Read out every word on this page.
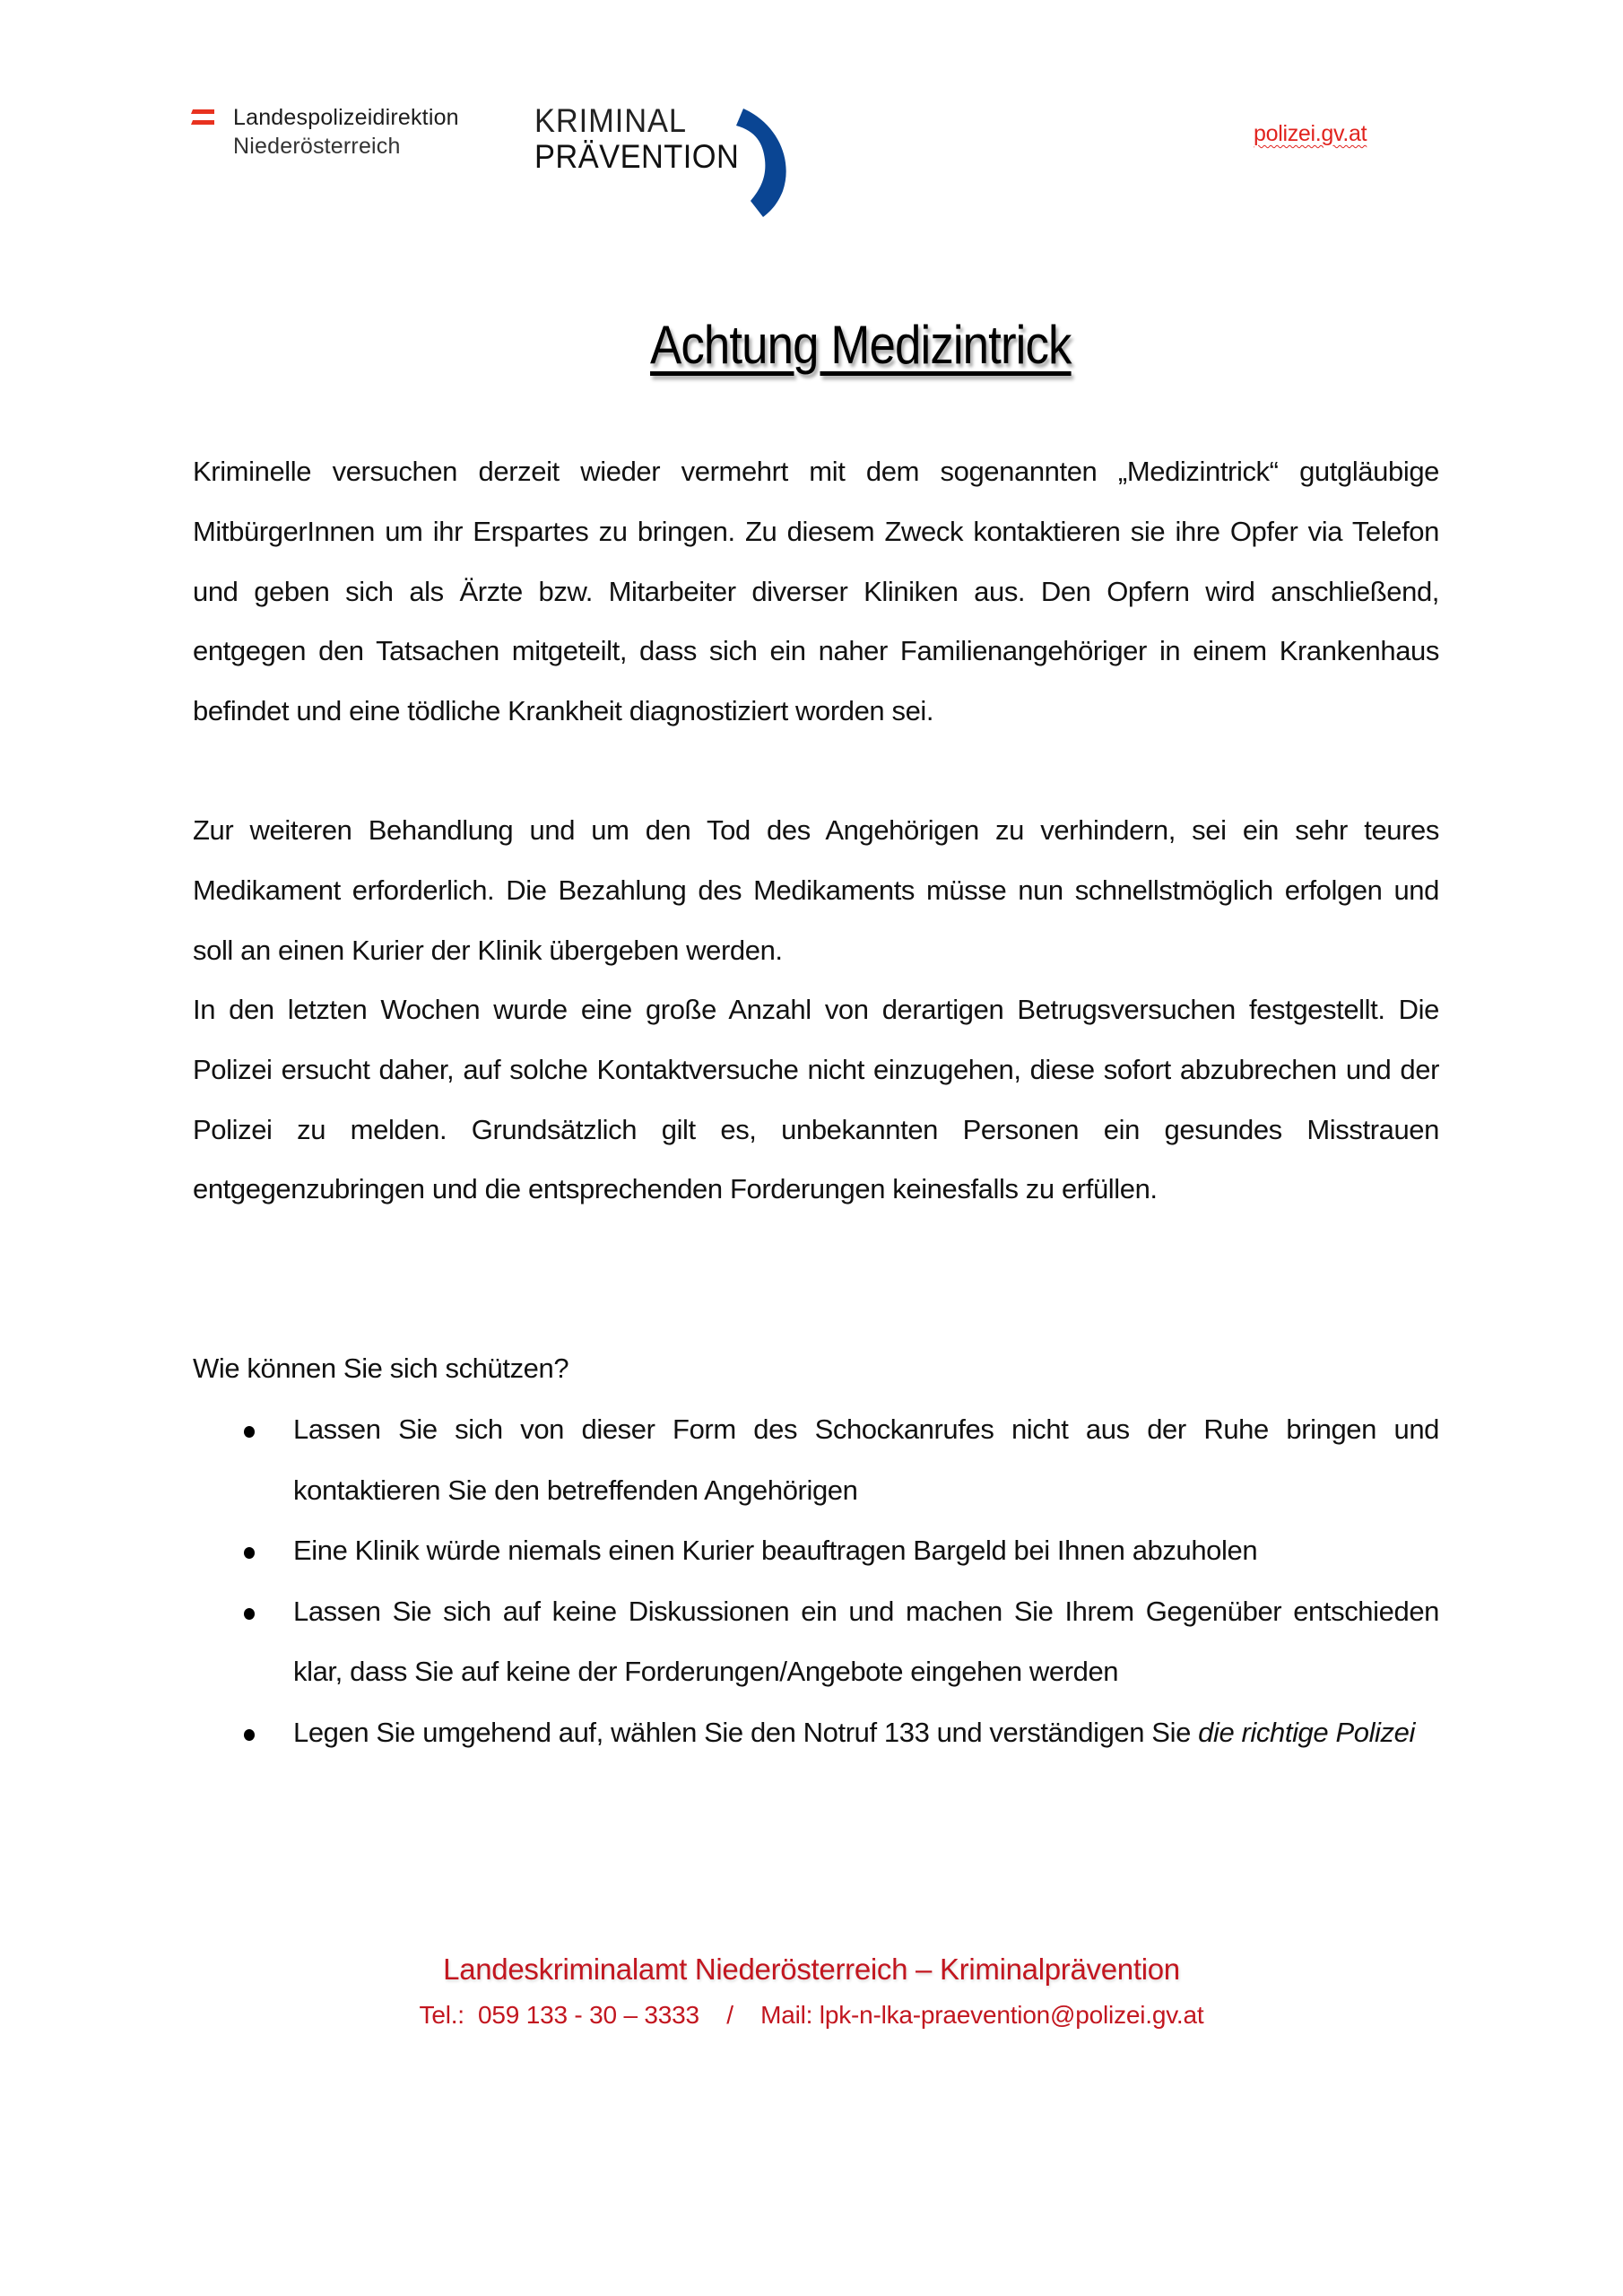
Landespolizeidirektion
Niederösterreich
KRIMINAL
PRÄVENTION
polizei.gv.at
Achtung Medizintrick

Kriminelle versuchen derzeit wieder vermehrt mit dem sogenannten „Medizintrick“ gutgläubige MitbürgerInnen um ihr Erspartes zu bringen. Zu diesem Zweck kontaktieren sie ihre Opfer via Telefon und geben sich als Ärzte bzw. Mitarbeiter diverser Kliniken aus. Den Opfern wird anschließend, entgegen den Tatsachen mitgeteilt, dass sich ein naher Familienangehöriger in einem Krankenhaus befindet und eine tödliche Krankheit diagnostiziert worden sei.

Zur weiteren Behandlung und um den Tod des Angehörigen zu verhindern, sei ein sehr teures Medikament erforderlich. Die Bezahlung des Medikaments müsse nun schnellstmöglich erfolgen und soll an einen Kurier der Klinik übergeben werden.

In den letzten Wochen wurde eine große Anzahl von derartigen Betrugsversuchen festgestellt. Die Polizei ersucht daher, auf solche Kontaktversuche nicht einzugehen, diese sofort abzubrechen und der Polizei zu melden. Grundsätzlich gilt es, unbekannten Personen ein gesundes Misstrauen entgegenzubringen und die entsprechenden Forderungen keinesfalls zu erfüllen.

Wie können Sie sich schützen?
Lassen Sie sich von dieser Form des Schockanrufes nicht aus der Ruhe bringen und kontaktieren Sie den betreffenden Angehörigen
Eine Klinik würde niemals einen Kurier beauftragen Bargeld bei Ihnen abzuholen
Lassen Sie sich auf keine Diskussionen ein und machen Sie Ihrem Gegenüber entschieden klar, dass Sie auf keine der Forderungen/Angebote eingehen werden
Legen Sie umgehend auf, wählen Sie den Notruf 133 und verständigen Sie die richtige Polizei
Landeskriminalamt Niederösterreich – Kriminalprävention
Tel.:  059 133 - 30 – 3333    /    Mail: lpk-n-lka-praevention@polizei.gv.at
